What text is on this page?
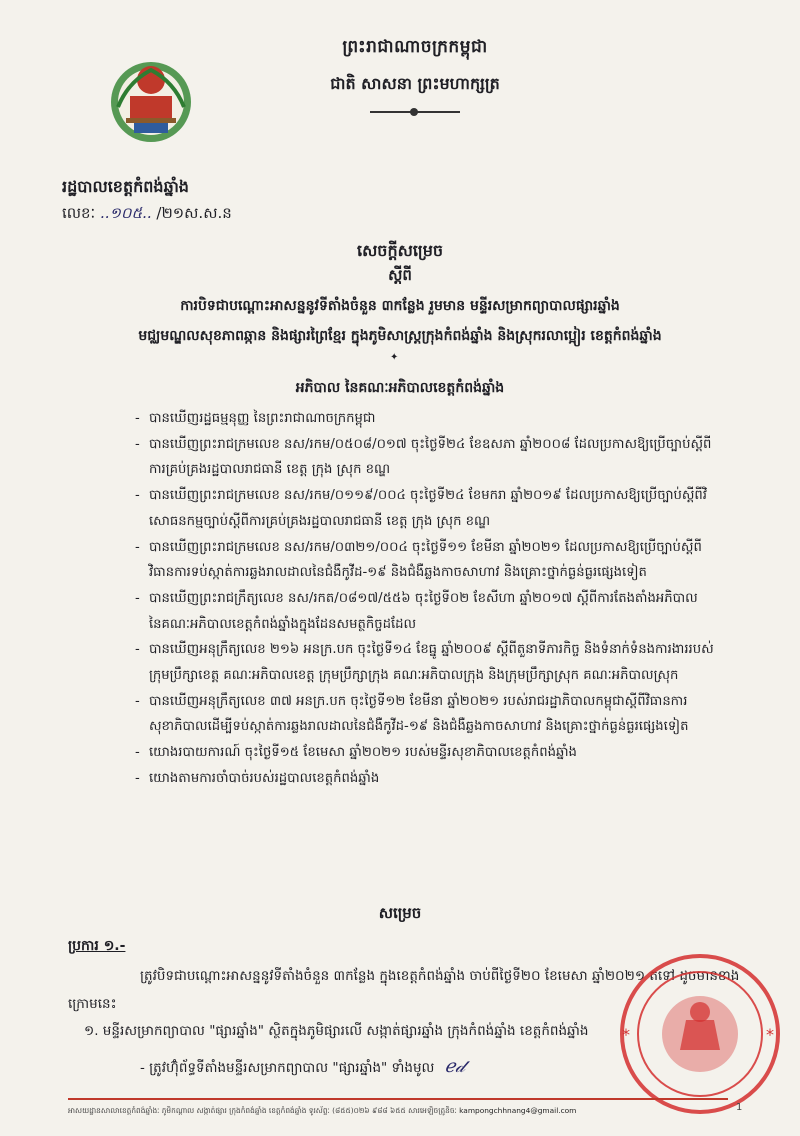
ព្រះរាជាណាចក្រកម្ពុជា
ជាតិ សាសនា ព្រះមហាក្សត្រ
រដ្ឋបាលខេត្តកំពង់ឆ្នាំង
លេខៈ ..១០៥.. /២១ស.ស.ន
សេចក្តីសម្រេច
ស្តីពី
ការបិទជាបណ្តោះអាសន្ននូវទីតាំងចំនួន ៣កន្លែង រួមមាន មន្ទីរសម្រាកព្យាបាលផ្សារឆ្នាំង
មជ្ឈមណ្ឌលសុខភាពឆ្កាន និងផ្សារព្រៃខ្មែរ ក្នុងភូមិសាស្ត្រក្រុងកំពង់ឆ្នាំង និងស្រុករលាប្អៀរ ខេត្តកំពង់ឆ្នាំង
✦
អភិបាល នៃគណៈអភិបាលខេត្តកំពង់ឆ្នាំង
- បានឃើញរដ្ឋធម្មនុញ្ញ នៃព្រះរាជាណាចក្រកម្ពុជា
- បានឃើញព្រះរាជក្រមលេខ នស/រកម/០៥០៨/០១៧ ចុះថ្ងៃទី២៤ ខែឧសភា ឆ្នាំ២០០៨ ដែលប្រកាសឱ្យប្រើច្បាប់ស្តីពីការគ្រប់គ្រងរដ្ឋបាលរាជធានី ខេត្ត ក្រុង ស្រុក ខណ្ឌ
- បានឃើញព្រះរាជក្រមលេខ នស/រកម/០១១៩/០០៤ ចុះថ្ងៃទី២៤ ខែមករា ឆ្នាំ២០១៩ ដែលប្រកាសឱ្យប្រើច្បាប់ស្តីពីវិសោធនកម្មច្បាប់ស្តីពីការគ្រប់គ្រងរដ្ឋបាលរាជធានី ខេត្ត ក្រុង ស្រុក ខណ្ឌ
- បានឃើញព្រះរាជក្រមលេខ នស/រកម/០៣២១/០០៤ ចុះថ្ងៃទី១១ ខែមីនា ឆ្នាំ២០២១ ដែលប្រកាសឱ្យប្រើច្បាប់ស្តីពីវិធានការទប់ស្កាត់ការឆ្លងរាលដាលនៃជំងឺកូវីដ-១៩ និងជំងឺឆ្លងកាចសាហាវ និងគ្រោះថ្នាក់ធ្ងន់ធ្ងរផ្សេងទៀត
- បានឃើញព្រះរាជក្រឹត្យលេខ នស/រកត/០៨១៧/៥៥៦ ចុះថ្ងៃទី០២ ខែសីហា ឆ្នាំ២០១៧ ស្តីពីការតែងតាំងអភិបាល នៃគណៈអភិបាលខេត្តកំពង់ឆ្នាំងក្នុងដែនសមត្ថកិច្ចដដែល
- បានឃើញអនុក្រឹត្យលេខ ២១៦ អនក្រ.បក ចុះថ្ងៃទី១៤ ខែធ្នូ ឆ្នាំ២០០៩ ស្តីពីតួនាទីភារកិច្ច និងទំនាក់ទំនងការងាររបស់ក្រុមប្រឹក្សាខេត្ត គណៈអភិបាលខេត្ត ក្រុមប្រឹក្សាក្រុង គណៈអភិបាលក្រុង និងក្រុមប្រឹក្សាស្រុក គណៈអភិបាលស្រុក
- បានឃើញអនុក្រឹត្យលេខ ៣៧ អនក្រ.បក ចុះថ្ងៃទី១២ ខែមីនា ឆ្នាំ២០២១ របស់រាជរដ្ឋាភិបាលកម្ពុជាស្តីពីវិធានការសុខាភិបាលដើម្បីទប់ស្កាត់ការឆ្លងរាលដាលនៃជំងឺកូវីដ-១៩ និងជំងឺឆ្លងកាចសាហាវ និងគ្រោះថ្នាក់ធ្ងន់ធ្ងរផ្សេងទៀត
- យោងរបាយការណ៍ ចុះថ្ងៃទី១៥ ខែមេសា ឆ្នាំ២០២១ របស់មន្ទីរសុខាភិបាលខេត្តកំពង់ឆ្នាំង
- យោងតាមការចាំបាច់របស់រដ្ឋបាលខេត្តកំពង់ឆ្នាំង
សម្រេច
ប្រការ ១.-
ត្រូវបិទជាបណ្តោះអាសន្ននូវទីតាំងចំនួន ៣កន្លែង ក្នុងខេត្តកំពង់ឆ្នាំង ចាប់ពីថ្ងៃទី២០ ខែមេសា ឆ្នាំ២០២១ តទៅ ដូចមានខាងក្រោមនេះ
១. មន្ទីរសម្រាកព្យាបាល "ផ្សារឆ្នាំង" ស្ថិតក្នុងភូមិផ្សារលើ សង្កាត់ផ្សារឆ្នាំង ក្រុងកំពង់ឆ្នាំង ខេត្តកំពង់ឆ្នាំង
- ត្រូវហ៊ុំព័ទ្ធទីតាំងមន្ទីរសម្រាកព្យាបាល "ផ្សារឆ្នាំង" ទាំងមូល ℯ𝒹
*	*
អាសយដ្ឋានសាលាខេត្តកំពង់ឆ្នាំងៈ ភូមិកណ្តាល សង្កាត់ផ្សារ ក្រុងកំពង់ឆ្នាំង ខេត្តកំពង់ឆ្នាំង ទូរស័ព្ទៈ (៨៥៥)០២៦ ៩៨៨ ៦៥៥ សារអេឡិចត្រូនិចៈ kampongchhnang4@gmail.com	1
